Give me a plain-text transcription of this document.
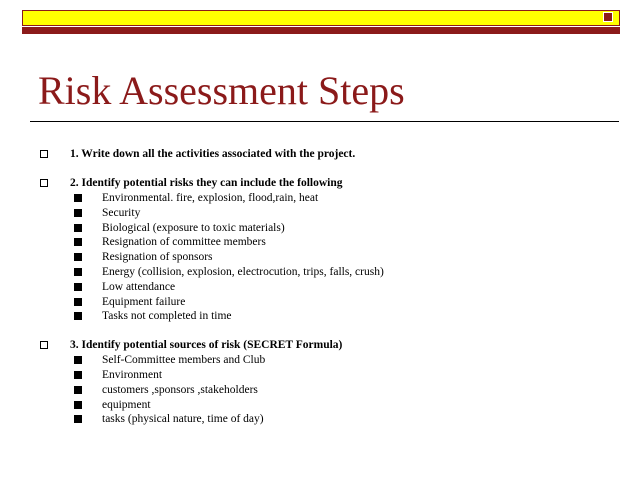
Risk Assessment Steps
1. Write down all the activities associated with the project.
2. Identify potential risks they can include the following
Environmental. fire, explosion, flood,rain, heat
Security
Biological (exposure to toxic materials)
Resignation of committee members
Resignation of sponsors
Energy (collision, explosion, electrocution, trips, falls, crush)
Low attendance
Equipment failure
Tasks not completed in time
3. Identify potential sources of risk (SECRET Formula)
Self-Committee members and Club
Environment
customers ,sponsors ,stakeholders
equipment
tasks (physical nature, time of day)
